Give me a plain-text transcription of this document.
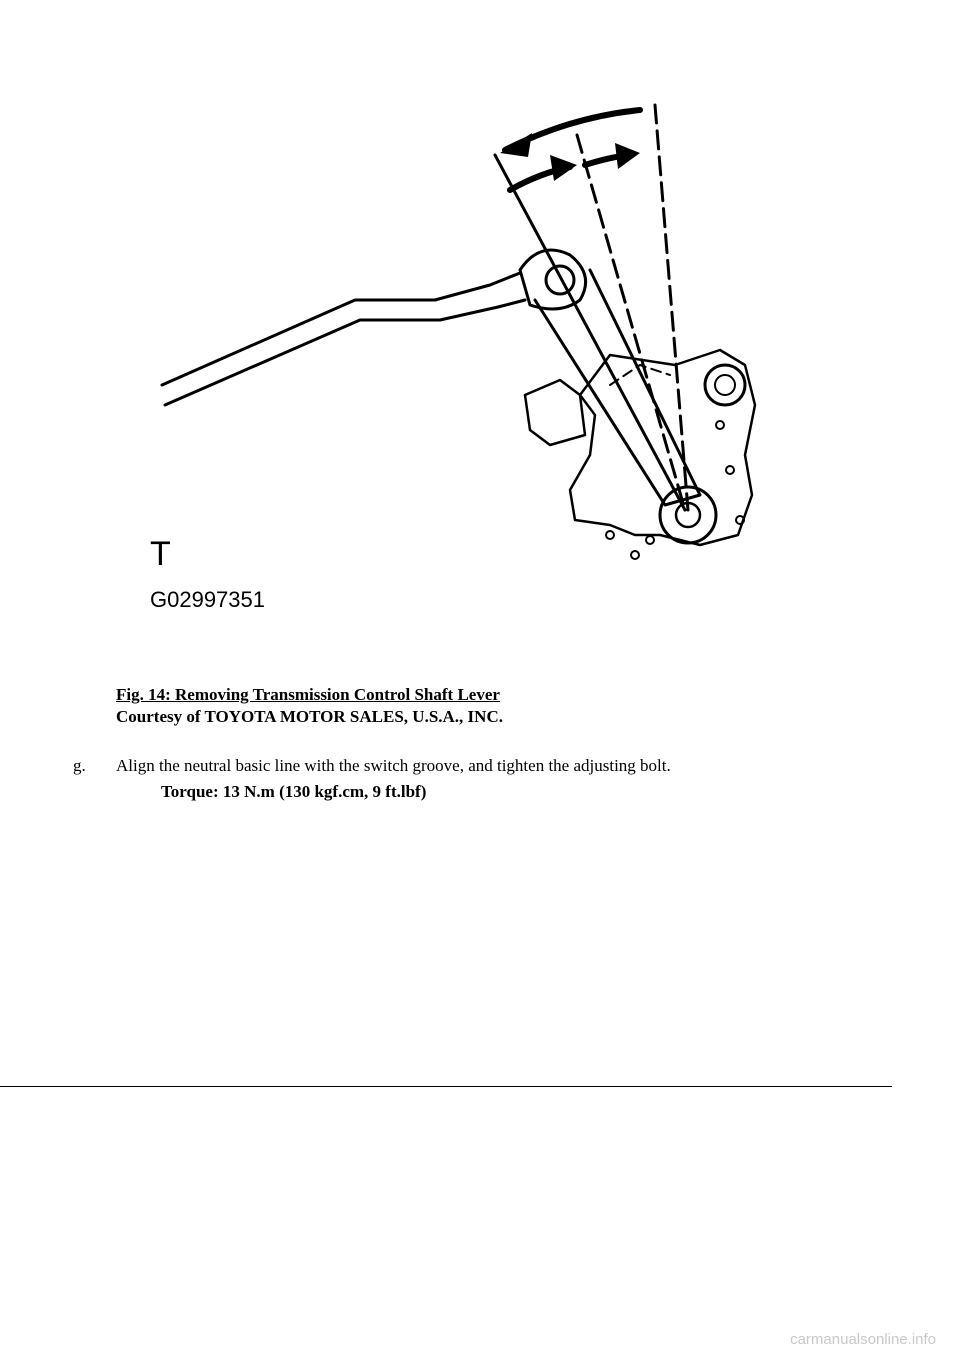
T
G02997351
Fig. 14: Removing Transmission Control Shaft Lever
Courtesy of TOYOTA MOTOR SALES, U.S.A., INC.
g. Align the neutral basic line with the switch groove, and tighten the adjusting bolt.
Torque: 13 N.m (130 kgf.cm, 9 ft.lbf)
carmanualsonline.info
